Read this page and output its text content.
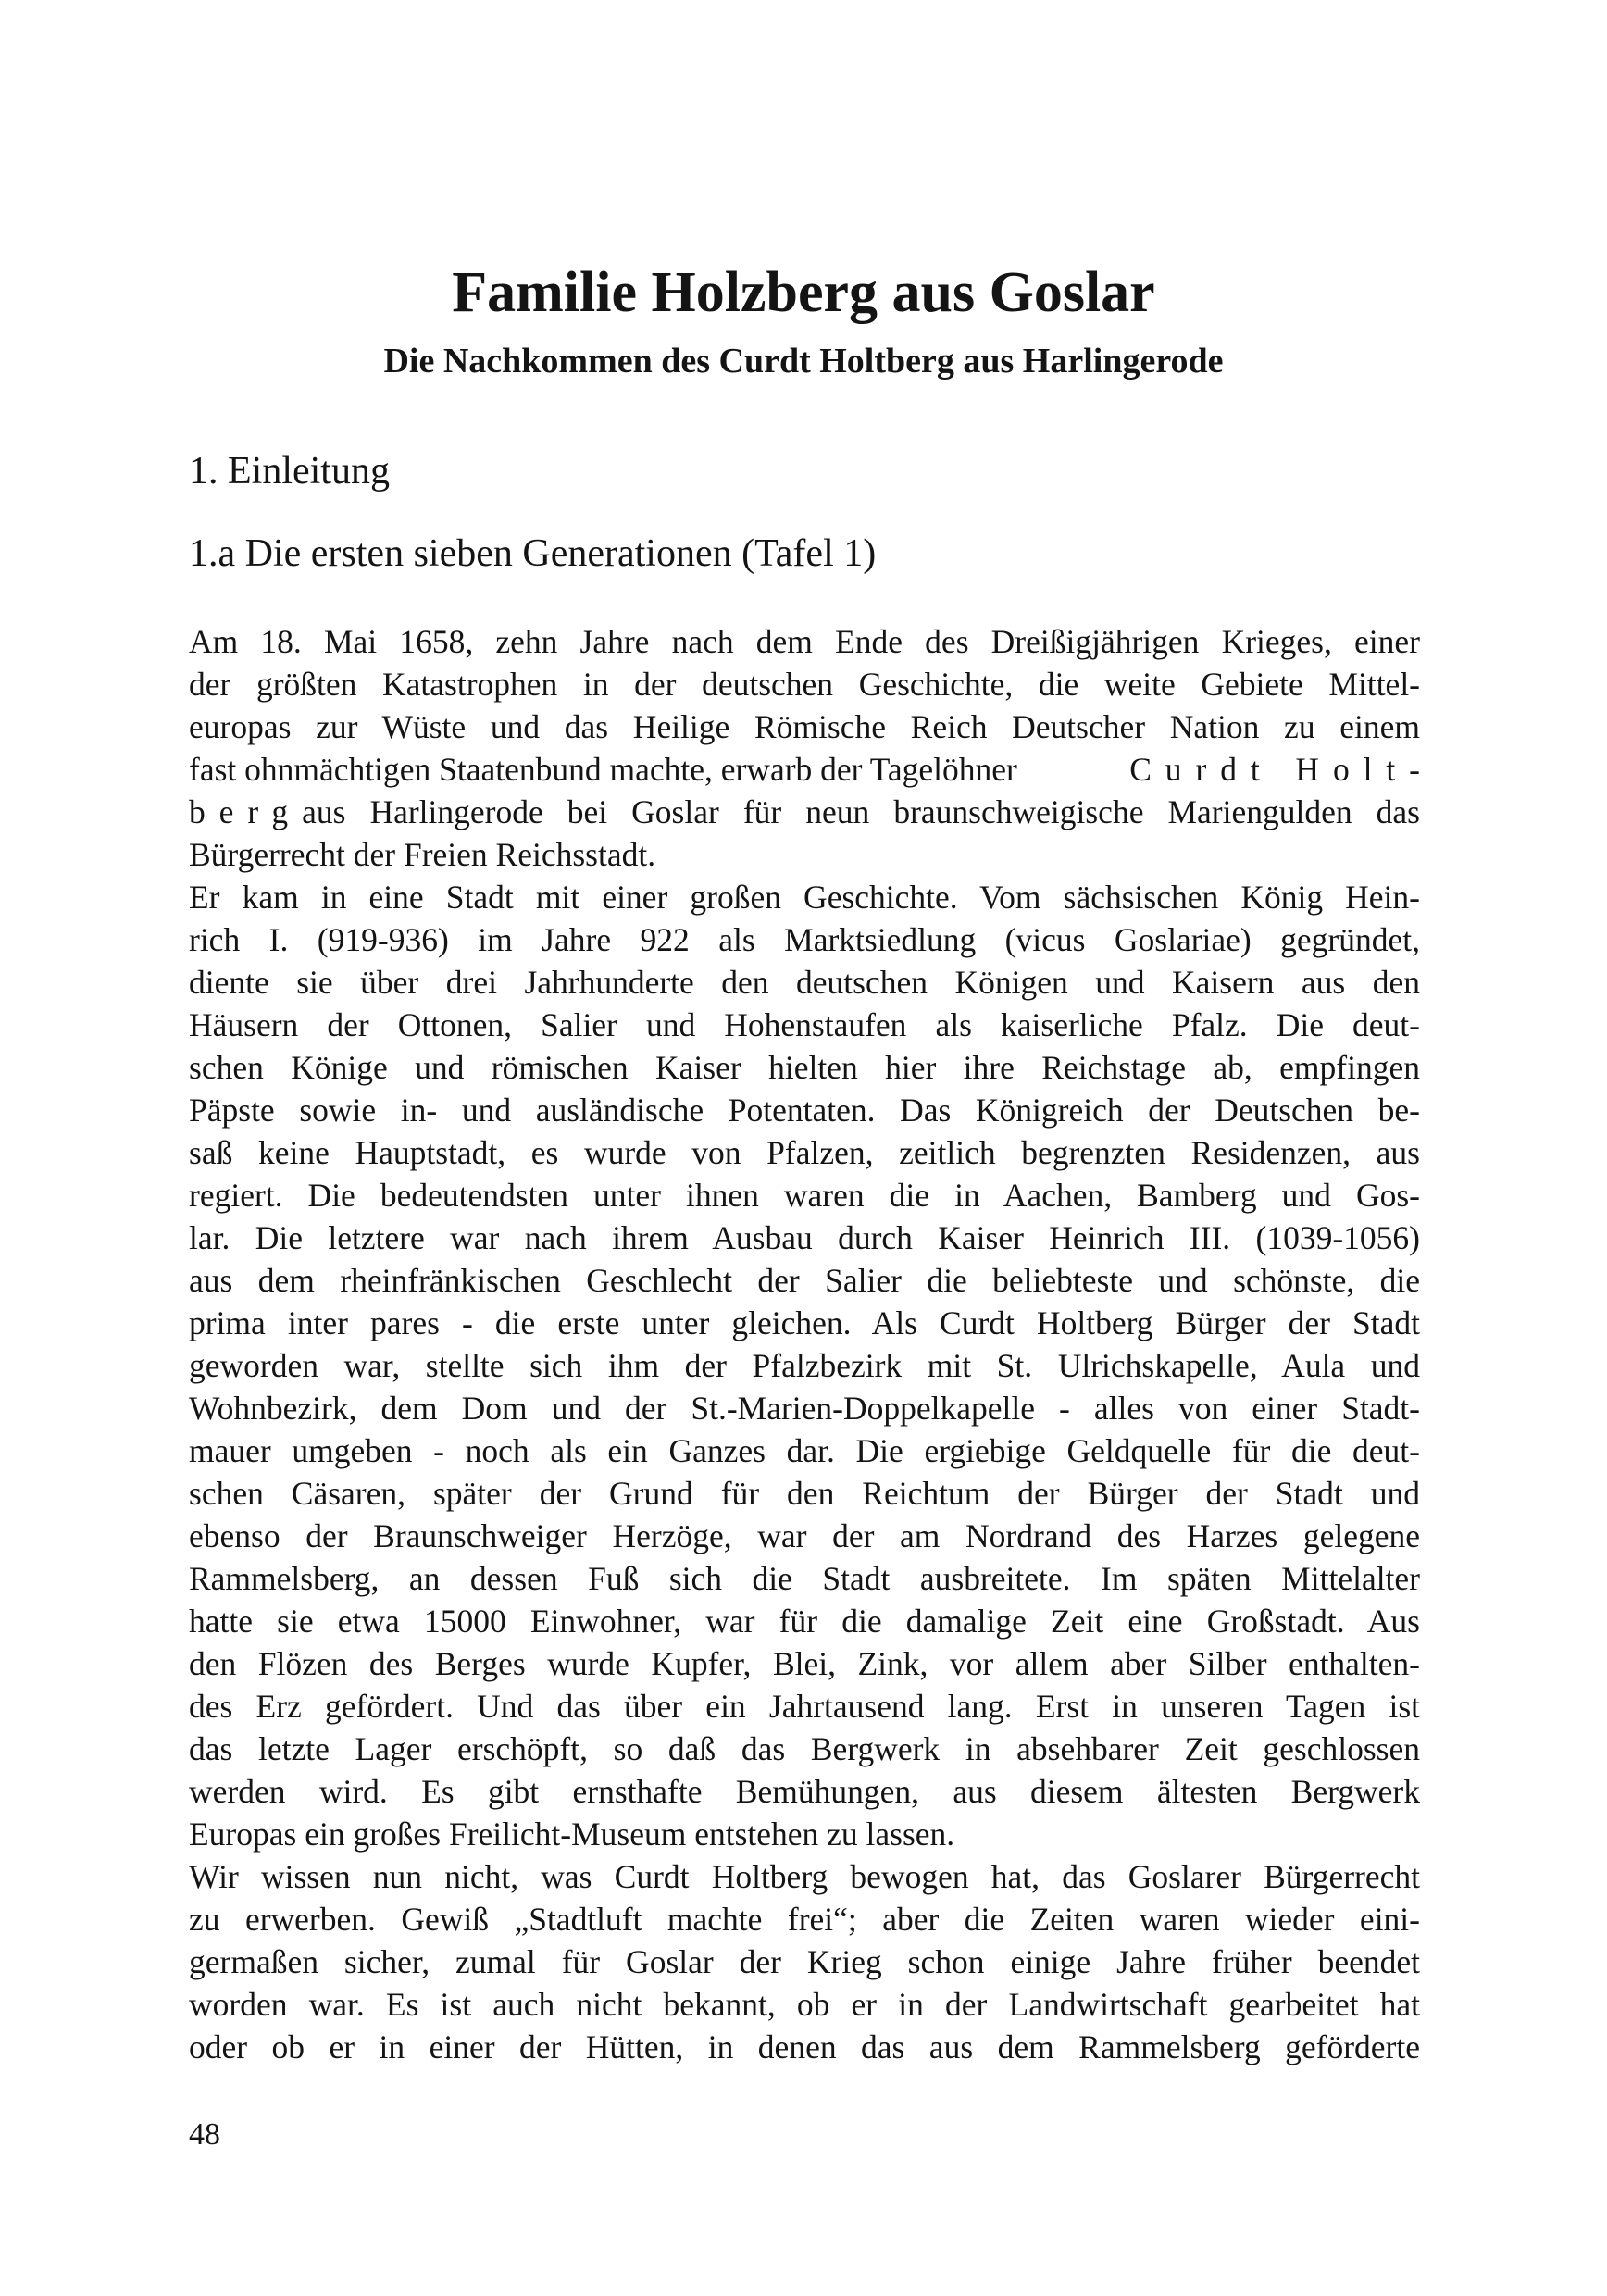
Familie Holzberg aus Goslar
Die Nachkommen des Curdt Holtberg aus Harlingerode
1. Einleitung
1.a Die ersten sieben Generationen (Tafel 1)
Am 18. Mai 1658, zehn Jahre nach dem Ende des Dreißigjährigen Krieges, einer
der größten Katastrophen in der deutschen Geschichte, die weite Gebiete Mittel-
europas zur Wüste und das Heilige Römische Reich Deutscher Nation zu einem
fast ohnmächtigen Staatenbund machte, erwarb der Tagelöhner	Curdt Holt-
berg aus Harlingerode bei Goslar für neun braunschweigische Mariengulden das
Bürgerrecht der Freien Reichsstadt.
Er kam in eine Stadt mit einer großen Geschichte. Vom sächsischen König Hein-
rich I. (919-936) im Jahre 922 als Marktsiedlung (vicus Goslariae) gegründet,
diente sie über drei Jahrhunderte den deutschen Königen und Kaisern aus den
Häusern der Ottonen, Salier und Hohenstaufen als kaiserliche Pfalz. Die deut-
schen Könige und römischen Kaiser hielten hier ihre Reichstage ab, empfingen
Päpste sowie in- und ausländische Potentaten. Das Königreich der Deutschen be-
saß keine Hauptstadt, es wurde von Pfalzen, zeitlich begrenzten Residenzen, aus
regiert. Die bedeutendsten unter ihnen waren die in Aachen, Bamberg und Gos-
lar. Die letztere war nach ihrem Ausbau durch Kaiser Heinrich III. (1039-1056)
aus dem rheinfränkischen Geschlecht der Salier die beliebteste und schönste, die
prima inter pares - die erste unter gleichen. Als Curdt Holtberg Bürger der Stadt
geworden war, stellte sich ihm der Pfalzbezirk mit St. Ulrichskapelle, Aula und
Wohnbezirk, dem Dom und der St.-Marien-Doppelkapelle - alles von einer Stadt-
mauer umgeben - noch als ein Ganzes dar. Die ergiebige Geldquelle für die deut-
schen Cäsaren, später der Grund für den Reichtum der Bürger der Stadt und
ebenso der Braunschweiger Herzöge, war der am Nordrand des Harzes gelegene
Rammelsberg, an dessen Fuß sich die Stadt ausbreitete. Im späten Mittelalter
hatte sie etwa 15000 Einwohner, war für die damalige Zeit eine Großstadt. Aus
den Flözen des Berges wurde Kupfer, Blei, Zink, vor allem aber Silber enthalten-
des Erz gefördert. Und das über ein Jahrtausend lang. Erst in unseren Tagen ist
das letzte Lager erschöpft, so daß das Bergwerk in absehbarer Zeit geschlossen
werden wird. Es gibt ernsthafte Bemühungen, aus diesem ältesten Bergwerk
Europas ein großes Freilicht-Museum entstehen zu lassen.
Wir wissen nun nicht, was Curdt Holtberg bewogen hat, das Goslarer Bürgerrecht
zu erwerben. Gewiß „Stadtluft machte frei“; aber die Zeiten waren wieder eini-
germaßen sicher, zumal für Goslar der Krieg schon einige Jahre früher beendet
worden war. Es ist auch nicht bekannt, ob er in der Landwirtschaft gearbeitet hat
oder ob er in einer der Hütten, in denen das aus dem Rammelsberg geförderte
48
